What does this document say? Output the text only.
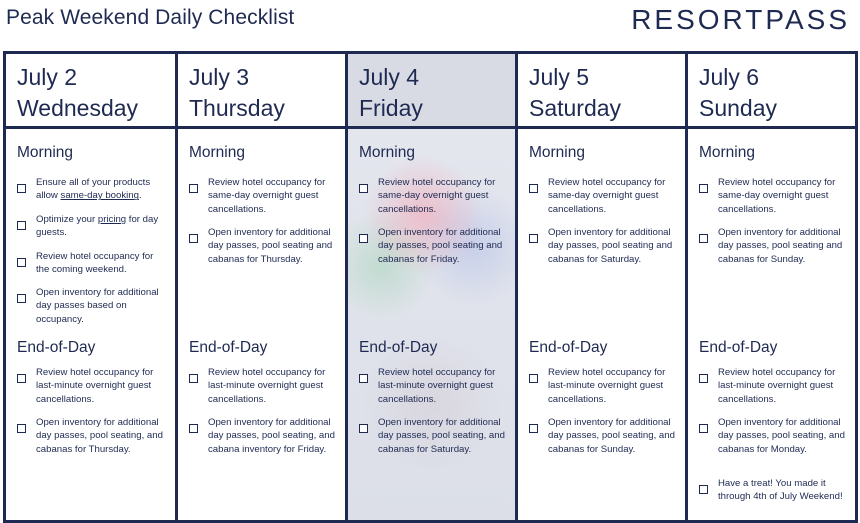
Peak Weekend Daily Checklist	RESORTPASS
July 2
Wednesday
Morning
Ensure all of your products allow same-day booking.
Optimize your pricing for day guests.
Review hotel occupancy for the coming weekend.
Open inventory for additional day passes based on occupancy.
End-of-Day
Review hotel occupancy for last-minute overnight guest cancellations.
Open inventory for additional day passes, pool seating, and cabanas for Thursday.
July 3
Thursday
Morning
Review hotel occupancy for same-day overnight guest cancellations.
Open inventory for additional day passes, pool seating and cabanas for Thursday.
End-of-Day
Review hotel occupancy for last-minute overnight guest cancellations.
Open inventory for additional day passes, pool seating, and cabana inventory for Friday.
July 4
Friday
Morning
Review hotel occupancy for same-day overnight guest cancellations.
Open inventory for additional day passes, pool seating and cabanas for Friday.
End-of-Day
Review hotel occupancy for last-minute overnight guest cancellations.
Open inventory for additional day passes, pool seating, and cabanas for Saturday.
July 5
Saturday
Morning
Review hotel occupancy for same-day overnight guest cancellations.
Open inventory for additional day passes, pool seating and cabanas for Saturday.
End-of-Day
Review hotel occupancy for last-minute overnight guest cancellations.
Open inventory for additional day passes, pool seating, and cabanas for Sunday.
July 6
Sunday
Morning
Review hotel occupancy for same-day overnight guest cancellations.
Open inventory for additional day passes, pool seating and cabanas for Sunday.
End-of-Day
Review hotel occupancy for last-minute overnight guest cancellations.
Open inventory for additional day passes, pool seating, and cabanas for Monday.
Have a treat! You made it through 4th of July Weekend!
